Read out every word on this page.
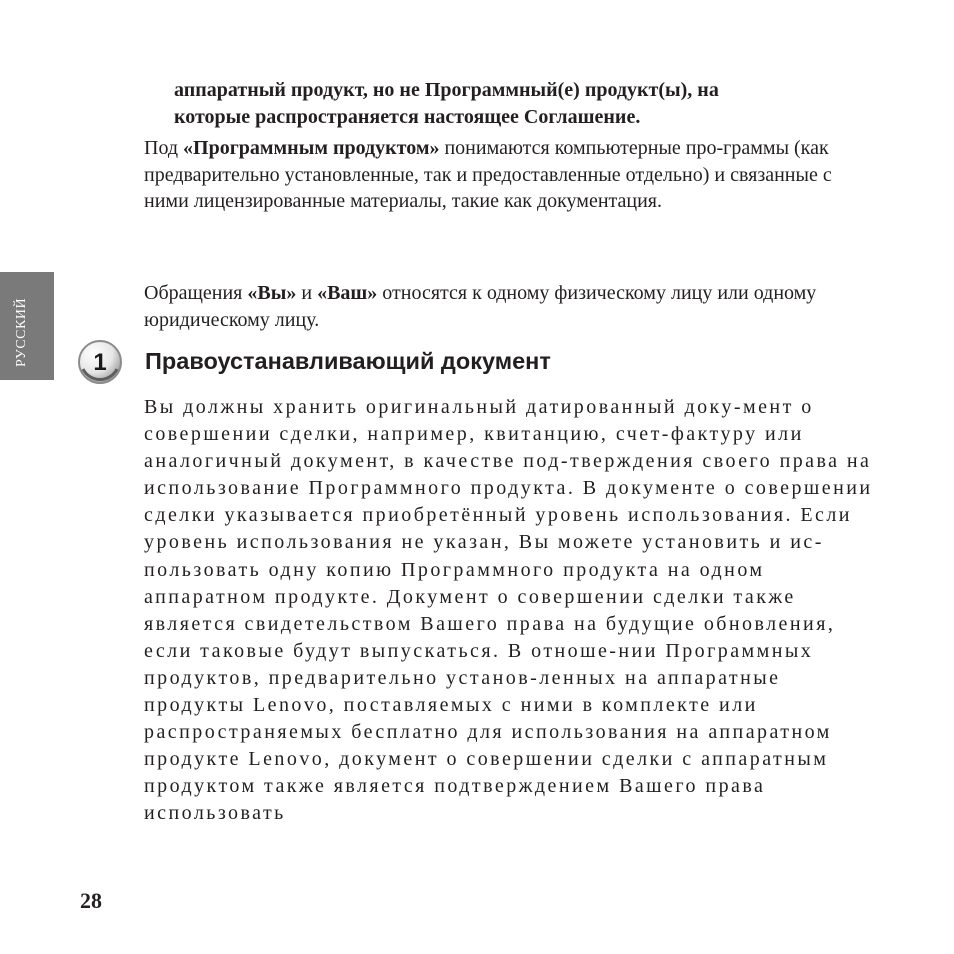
РУССКИЙ

аппаратный продукт, но не Программный(е) продукт(ы), на
которые распространяется настоящее Соглашение.

Под «Программным продуктом» понимаются компьютерные про-граммы (как предварительно установленные, так и предоставленные отдельно) и связанные с ними лицензированные материалы, такие как документация.

Обращения «Вы» и «Ваш» относятся к одному физическому лицу или одному юридическому лицу.

1 Правоустанавливающий документ

Вы должны хранить оригинальный датированный доку-мент о совершении сделки, например, квитанцию, счет-фактуру или аналогичный документ, в качестве под-тверждения своего права на использование Программного продукта. В документе о совершении сделки указывается приобретённый уровень использования. Если уровень использования не указан, Вы можете установить и ис-пользовать одну копию Программного продукта на одном аппаратном продукте. Документ о совершении сделки также является свидетельством Вашего права на будущие обновления, если таковые будут выпускаться. В отноше-нии Программных продуктов, предварительно установ-ленных на аппаратные продукты Lenovo, поставляемых с ними в комплекте или распространяемых бесплатно для использования на аппаратном продукте Lenovo, документ о совершении сделки с аппаратным продуктом также является подтверждением Вашего права использовать

28
